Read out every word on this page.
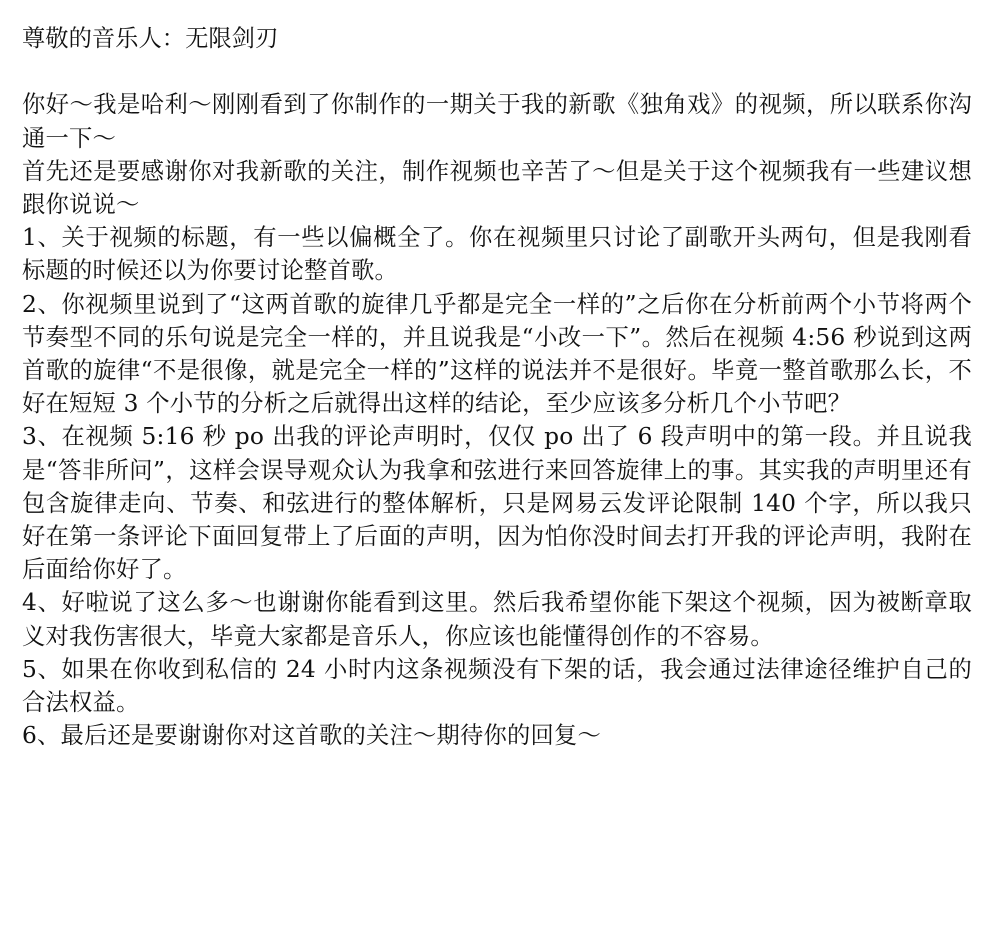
尊敬的音乐人：无限剑刃

你好～我是哈利～刚刚看到了你制作的一期关于我的新歌《独角戏》的视频，所以联系你沟通一下～

首先还是要感谢你对我新歌的关注，制作视频也辛苦了～但是关于这个视频我有一些建议想跟你说说～

1、关于视频的标题，有一些以偏概全了。你在视频里只讨论了副歌开头两句，但是我刚看标题的时候还以为你要讨论整首歌。

2、你视频里说到了“这两首歌的旋律几乎都是完全一样的”之后你在分析前两个小节将两个节奏型不同的乐句说是完全一样的，并且说我是“小改一下”。然后在视频 4:56 秒说到这两首歌的旋律“不是很像，就是完全一样的”这样的说法并不是很好。毕竟一整首歌那么长，不好在短短 3 个小节的分析之后就得出这样的结论，至少应该多分析几个小节吧？

3、在视频 5:16 秒 po 出我的评论声明时，仅仅 po 出了 6 段声明中的第一段。并且说我是“答非所问”，这样会误导观众认为我拿和弦进行来回答旋律上的事。其实我的声明里还有包含旋律走向、节奏、和弦进行的整体解析，只是网易云发评论限制 140 个字，所以我只好在第一条评论下面回复带上了后面的声明，因为怕你没时间去打开我的评论声明，我附在后面给你好了。

4、好啦说了这么多～也谢谢你能看到这里。然后我希望你能下架这个视频，因为被断章取义对我伤害很大，毕竟大家都是音乐人，你应该也能懂得创作的不容易。

5、如果在你收到私信的 24 小时内这条视频没有下架的话，我会通过法律途径维护自己的合法权益。

6、最后还是要谢谢你对这首歌的关注～期待你的回复～
